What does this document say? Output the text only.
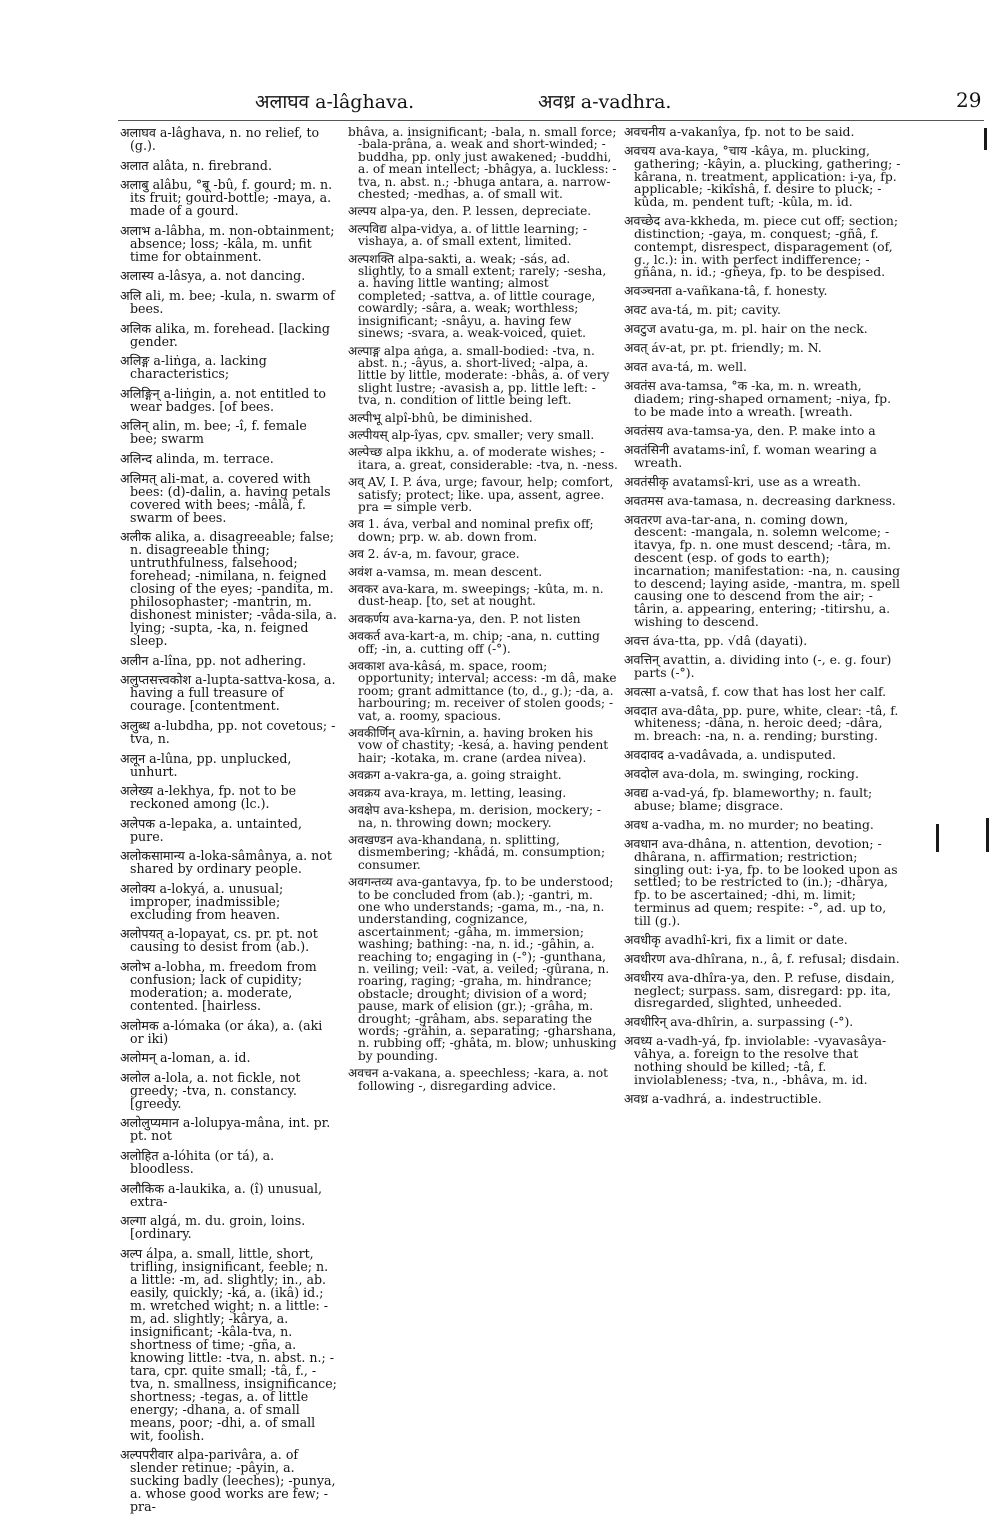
अलाघव a-lâghava.	अवध्र a-vadhra.	29
अलाघव a-lâghava, n. no relief, to (g.).
अलात alâta, n. firebrand.
अलाबु alâbu, °बू -bû, f. gourd; m. n. its fruit; gourd-bottle; -maya, a. made of a gourd.
अलाभ a-lâbha, m. non-obtainment; absence; loss; -kâla, m. unfit time for obtainment.
अलास्य a-lâsya, a. not dancing.
अलि ali, m. bee; -kula, n. swarm of bees.
अलिक alika, m. forehead. [lacking gender.
अलिङ्ग a-liṅga, a. lacking characteristics;
अलिङ्गिन् a-liṅgin, a. not entitled to wear badges. [of bees.
अलिन् alin, m. bee; -î, f. female bee; swarm
अलिन्द alinda, m. terrace.
अलिमत् ali-mat, a. covered with bees: (d)-dalin, a. having petals covered with bees; -mâlâ, f. swarm of bees.
अलीक alika, a. disagreeable; false; n. disagreeable thing; untruthfulness, falsehood; forehead; -nimilana, n. feigned closing of the eyes; -pandita, m. philosophaster; -mantrin, m. dishonest minister; -vâda-sila, a. lying; -supta, -ka, n. feigned sleep.
अलीन a-lîna, pp. not adhering.
अलुप्तसत्त्वकोश a-lupta-sattva-kosa, a. having a full treasure of courage. [contentment.
अलुब्ध a-lubdha, pp. not covetous; -tva, n.
अलून a-lûna, pp. unplucked, unhurt.
अलेख्य a-lekhya, fp. not to be reckoned among (lc.).
अलेपक a-lepaka, a. untainted, pure.
अलोकसामान्य a-loka-sâmânya, a. not shared by ordinary people.
अलोक्य a-lokyá, a. unusual; improper, inadmissible; excluding from heaven.
अलोपयत् a-lopayat, cs. pr. pt. not causing to desist from (ab.).
अलोभ a-lobha, m. freedom from confusion; lack of cupidity; moderation; a. moderate, contented. [hairless.
अलोमक a-lómaka (or áka), a. (aki or iki)
अलोमन् a-loman, a. id.
अलोल a-lola, a. not fickle, not greedy; -tva, n. constancy. [greedy.
अलोलुप्यमान a-lolupya-mâna, int. pr. pt. not
अलोहित a-lóhita (or tá), a. bloodless.
अलौकिक a-laukika, a. (î) unusual, extra-
अल्गा algá, m. du. groin, loins. [ordinary.
अल्प álpa, a. small, little, short, trifling, insignificant, feeble; n. a little: -m, ad. slightly; in., ab. easily, quickly; -ká, a. (ikâ) id.; m. wretched wight; n. a little: -m, ad. slightly; -kârya, a. insignificant; -kâla-tva, n. shortness of time; -gña, a. knowing little: -tva, n. abst. n.; -tara, cpr. quite small; -tâ, f., -tva, n. smallness, insignificance; shortness; -tegas, a. of little energy; -dhana, a. of small means, poor; -dhi, a. of small wit, foolish.
अल्पपरीवार alpa-parivâra, a. of slender retinue; -pâyin, a. sucking badly (leeches); -punya, a. whose good works are few; -pra-
bhâva, a. insignificant; -bala, n. small force; -bala-prâna, a. weak and short-winded; -buddha, pp. only just awakened; -buddhi, a. of mean intellect; -bhâgya, a. luckless: -tva, n. abst. n.; -bhuga antara, a. narrow-chested; -medhas, a. of small wit.
अल्पय alpa-ya, den. P. lessen, depreciate.
अल्पविद्य alpa-vidya, a. of little learning; -vishaya, a. of small extent, limited.
अल्पशक्ति alpa-sakti, a. weak; -sás, ad. slightly, to a small extent; rarely; -sesha, a. having little wanting; almost completed; -sattva, a. of little courage, cowardly; -sâra, a. weak; worthless; insignificant; -snâyu, a. having few sinews; -svara, a. weak-voiced, quiet.
अल्पाङ्ग alpa aṅga, a. small-bodied: -tva, n. abst. n.; -âyus, a. short-lived; -alpa, a. little by little, moderate: -bhâs, a. of very slight lustre; -avasish a, pp. little left: -tva, n. condition of little being left.
अल्पीभू alpî-bhû, be diminished.
अल्पीयस् alp-îyas, cpv. smaller; very small.
अल्पेच्छ alpa ikkhu, a. of moderate wishes; -itara, a. great, considerable: -tva, n. -ness.
अव् AV, I. P. áva, urge; favour, help; comfort, satisfy; protect; like. upa, assent, agree. pra = simple verb.
अव 1. áva, verbal and nominal prefix off; down; prp. w. ab. down from.
अव 2. áv-a, m. favour, grace.
अवंश a-vamsa, m. mean descent.
अवकर ava-kara, m. sweepings; -kûta, m. n. dust-heap. [to, set at nought.
अवकर्णय ava-karna-ya, den. P. not listen
अवकर्त ava-kart-a, m. chip; -ana, n. cutting off; -in, a. cutting off (-°).
अवकाश ava-kâsá, m. space, room; opportunity; interval; access: -m dâ, make room; grant admittance (to, d., g.); -da, a. harbouring; m. receiver of stolen goods; -vat, a. roomy, spacious.
अवकीर्णिन् ava-kîrnin, a. having broken his vow of chastity; -kesá, a. having pendent hair; -kotaka, m. crane (ardea nivea).
अवक्रग a-vakra-ga, a. going straight.
अवक्रय ava-kraya, m. letting, leasing.
अवक्षेप ava-kshepa, m. derision, mockery; -na, n. throwing down; mockery.
अवखण्डन ava-khandana, n. splitting, dismembering; -khâdá, m. consumption; consumer.
अवगन्तव्य ava-gantavya, fp. to be understood; to be concluded from (ab.); -gantri, m. one who understands; -gama, m., -na, n. understanding, cognizance, ascertainment; -gâha, m. immersion; washing; bathing: -na, n. id.; -gâhin, a. reaching to; engaging in (-°); -gunthana, n. veiling; veil: -vat, a. veiled; -gûrana, n. roaring, raging; -graha, m. hindrance; obstacle; drought; division of a word; pause, mark of elision (gr.); -grâha, m. drought; -grâham, abs. separating the words; -grâhin, a. separating; -gharshana, n. rubbing off; -ghâta, m. blow; unhusking by pounding.
अवचन a-vakana, a. speechless; -kara, a. not following -, disregarding advice.
अवचनीय a-vakanîya, fp. not to be said.
अवचय ava-kaya, °चाय -kâya, m. plucking, gathering; -kâyin, a. plucking, gathering; -kârana, n. treatment, application: i-ya, fp. applicable; -kikîshâ, f. desire to pluck; -kûda, m. pendent tuft; -kûla, m. id.
अवच्छेद ava-kkheda, m. piece cut off; section; distinction; -gaya, m. conquest; -gñâ, f. contempt, disrespect, disparagement (of, g., lc.): in. with perfect indifference; -gñâna, n. id.; -gñeya, fp. to be despised.
अवञ्चनता a-vañkana-tâ, f. honesty.
अवट ava-tá, m. pit; cavity.
अवटुज avatu-ga, m. pl. hair on the neck.
अवत् áv-at, pr. pt. friendly; m. N.
अवत ava-tá, m. well.
अवतंस ava-tamsa, °क -ka, m. n. wreath, diadem; ring-shaped ornament; -niya, fp. to be made into a wreath. [wreath.
अवतंसय ava-tamsa-ya, den. P. make into a
अवतंसिनी avatams-inî, f. woman wearing a wreath.
अवतंसीकृ avatamsî-kri, use as a wreath.
अवतमस ava-tamasa, n. decreasing darkness.
अवतरण ava-tar-ana, n. coming down, descent: -mangala, n. solemn welcome; -itavya, fp. n. one must descend; -târa, m. descent (esp. of gods to earth); incarnation; manifestation: -na, n. causing to descend; laying aside, -mantra, m. spell causing one to descend from the air; -târin, a. appearing, entering; -titirshu, a. wishing to descend.
अवत्त áva-tta, pp. √dâ (dayati).
अवत्तिन् avattin, a. dividing into (-, e. g. four) parts (-°).
अवत्सा a-vatsâ, f. cow that has lost her calf.
अवदात ava-dâta, pp. pure, white, clear: -tâ, f. whiteness; -dâna, n. heroic deed; -dâra, m. breach: -na, n. a. rending; bursting.
अवदावद a-vadâvada, a. undisputed.
अवदोल ava-dola, m. swinging, rocking.
अवद्य a-vad-yá, fp. blameworthy; n. fault; abuse; blame; disgrace.
अवध a-vadha, m. no murder; no beating.
अवधान ava-dhâna, n. attention, devotion; -dhârana, n. affirmation; restriction; singling out: i-ya, fp. to be looked upon as settled; to be restricted to (in.); -dhârya, fp. to be ascertained; -dhi, m. limit; terminus ad quem; respite: -°, ad. up to, till (g.).
अवधीकृ avadhî-kri, fix a limit or date.
अवधीरण ava-dhîrana, n., â, f. refusal; disdain.
अवधीरय ava-dhîra-ya, den. P. refuse, disdain, neglect; surpass. sam, disregard: pp. ita, disregarded, slighted, unheeded.
अवधीरिन् ava-dhîrin, a. surpassing (-°).
अवध्य a-vadh-yá, fp. inviolable: -vyavasâya-vâhya, a. foreign to the resolve that nothing should be killed; -tâ, f. inviolableness; -tva, n., -bhâva, m. id.
अवध्र a-vadhrá, a. indestructible.
